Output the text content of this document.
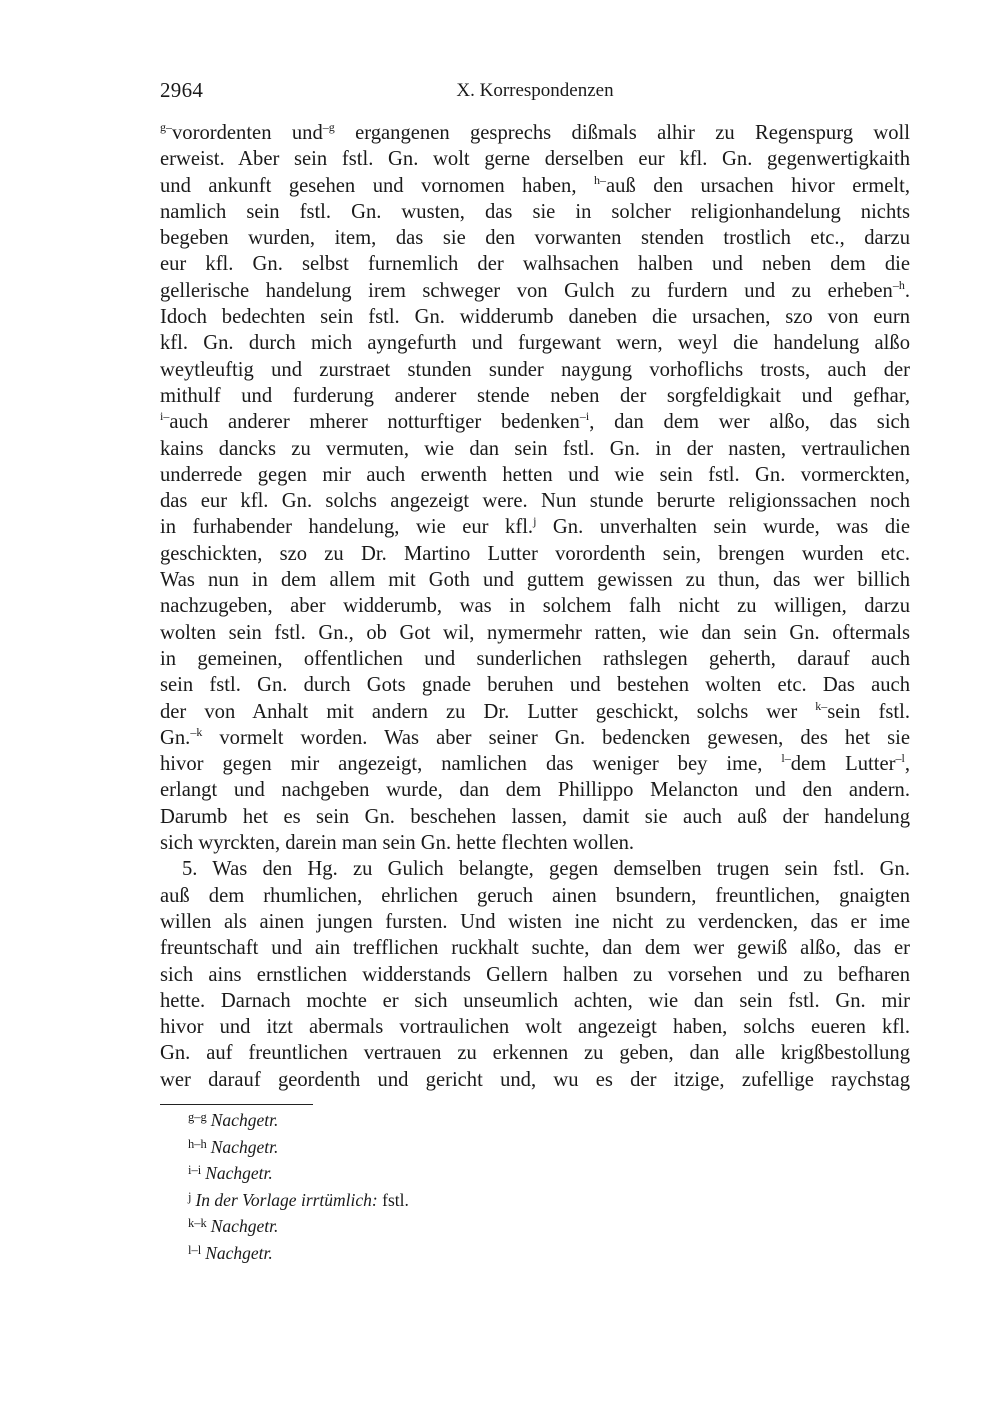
2964	X. Korrespondenzen
$^{g-}$vorordenten und$^{-g}$ ergangenen gesprechs dißmals alhir zu Regenspurg woll
erweist. Aber sein fstl. Gn. wolt gerne derselben eur kfl. Gn. gegenwertigkaith
und ankunft gesehen und vornomen haben, $^{h-}$auß den ursachen hivor ermelt,
namlich sein fstl. Gn. wusten, das sie in solcher religionhandelung nichts
begeben wurden, item, das sie den vorwanten stenden trostlich etc., darzu
eur kfl. Gn. selbst furnemlich der walhsachen halben und neben dem die
gellerische handelung irem schweger von Gulch zu furdern und zu erheben$^{-h}$.
Idoch bedechten sein fstl. Gn. widderumb daneben die ursachen, szo von eurn
kfl. Gn. durch mich ayngefurth und furgewant wern, weyl die handelung alßo
weytleuftig und zurstraet stunden sunder naygung vorhoflichs trosts, auch der
mithulf und furderung anderer stende neben der sorgfeldigkait und gefhar,
$^{i-}$auch anderer mherer notturftiger bedenken$^{-i}$, dan dem wer alßo, das sich
kains dancks zu vermuten, wie dan sein fstl. Gn. in der nasten, vertraulichen
underrede gegen mir auch erwenth hetten und wie sein fstl. Gn. vormerckten,
das eur kfl. Gn. solchs angezeigt were. Nun stunde berurte religionssachen noch
in furhabender handelung, wie eur kfl.$^j$ Gn. unverhalten sein wurde, was die
geschickten, szo zu Dr. Martino Lutter vorordenth sein, brengen wurden etc.
Was nun in dem allem mit Goth und guttem gewissen zu thun, das wer billich
nachzugeben, aber widderumb, was in solchem falh nicht zu willigen, darzu
wolten sein fstl. Gn., ob Got wil, nymermehr ratten, wie dan sein Gn. oftermals
in gemeinen, offentlichen und sunderlichen rathslegen geherth, darauf auch
sein fstl. Gn. durch Gots gnade beruhen und bestehen wolten etc. Das auch
der von Anhalt mit andern zu Dr. Lutter geschickt, solchs wer $^{k-}$sein fstl.
Gn.$^{-k}$ vormelt worden. Was aber seiner Gn. bedencken gewesen, des het sie
hivor gegen mir angezeigt, namlichen das weniger bey ime, $^{l-}$dem Lutter$^{-l}$,
erlangt und nachgeben wurde, dan dem Phillippo Melancton und den andern.
Darumb het es sein Gn. beschehen lassen, damit sie auch auß der handelung
sich wyrckten, darein man sein Gn. hette flechten wollen.
5. Was den Hg. zu Gulich belangte, gegen demselben trugen sein fstl. Gn.
auß dem rhumlichen, ehrlichen geruch ainen bsundern, freuntlichen, gnaigten
willen als ainen jungen fursten. Und wisten ine nicht zu verdencken, das er ime
freuntschaft und ain trefflichen ruckhalt suchte, dan dem wer gewiß alßo, das er
sich ains ernstlichen widderstands Gellern halben zu vorsehen und zu befharen
hette. Darnach mochte er sich unseumlich achten, wie dan sein fstl. Gn. mir
hivor und itzt abermals vortraulichen wolt angezeigt haben, solchs eueren kfl.
Gn. auf freuntlichen vertrauen zu erkennen zu geben, dan alle krigßbestollung
wer darauf geordenth und gericht und, wu es der itzige, zufellige raychstag
$^{g-g}$ Nachgetr.
$^{h-h}$ Nachgetr.
$^{i-i}$ Nachgetr.
$^j$ In der Vorlage irrtümlich: fstl.
$^{k-k}$ Nachgetr.
$^{l-l}$ Nachgetr.
